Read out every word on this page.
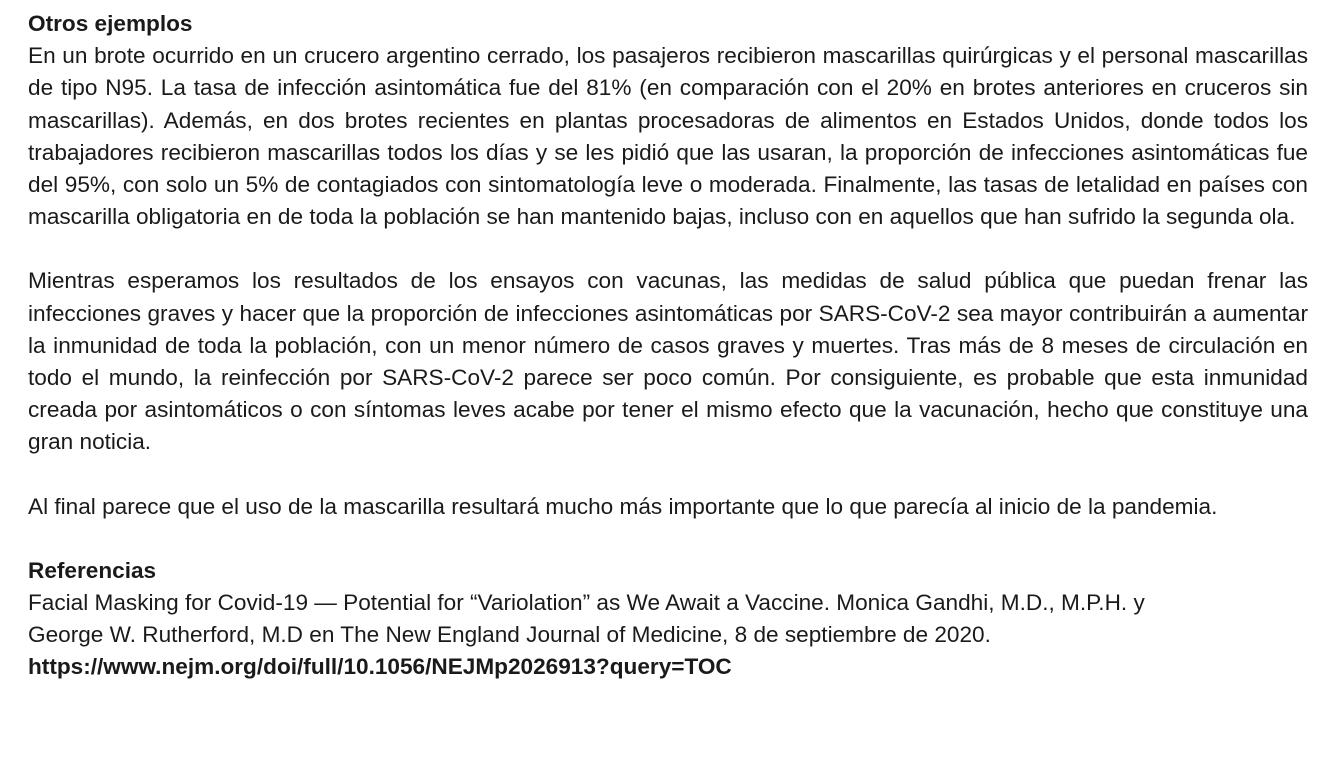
Otros ejemplos

En un brote ocurrido en un crucero argentino cerrado, los pasajeros recibieron mascarillas quirúrgicas y el personal mascarillas de tipo N95. La tasa de infección asintomática fue del 81% (en comparación con el 20% en brotes anteriores en cruceros sin mascarillas). Además, en dos brotes recientes en plantas procesadoras de alimentos en Estados Unidos, donde todos los trabajadores recibieron mascarillas todos los días y se les pidió que las usaran, la proporción de infecciones asintomáticas fue del 95%, con solo un 5% de contagiados con sintomatología leve o moderada. Finalmente, las tasas de letalidad en países con mascarilla obligatoria en de toda la población se han mantenido bajas, incluso con en aquellos que han sufrido la segunda ola.

Mientras esperamos los resultados de los ensayos con vacunas, las medidas de salud pública que puedan frenar las infecciones graves y hacer que la proporción de infecciones asintomáticas por SARS-CoV-2 sea mayor contribuirán a aumentar la inmunidad de toda la población, con un menor número de casos graves y muertes. Tras más de 8 meses de circulación en todo el mundo, la reinfección por SARS-CoV-2 parece ser poco común. Por consiguiente, es probable que esta inmunidad creada por asintomáticos o con síntomas leves acabe por tener el mismo efecto que la vacunación, hecho que constituye una gran noticia.

Al final parece que el uso de la mascarilla resultará mucho más importante que lo que parecía al inicio de la pandemia.

Referencias

Facial Masking for Covid-19 — Potential for “Variolation” as We Await a Vaccine. Monica Gandhi, M.D., M.P.H. y

George W. Rutherford, M.D en The New England Journal of Medicine, 8 de septiembre de 2020.

https://www.nejm.org/doi/full/10.1056/NEJMp2026913?query=TOC
